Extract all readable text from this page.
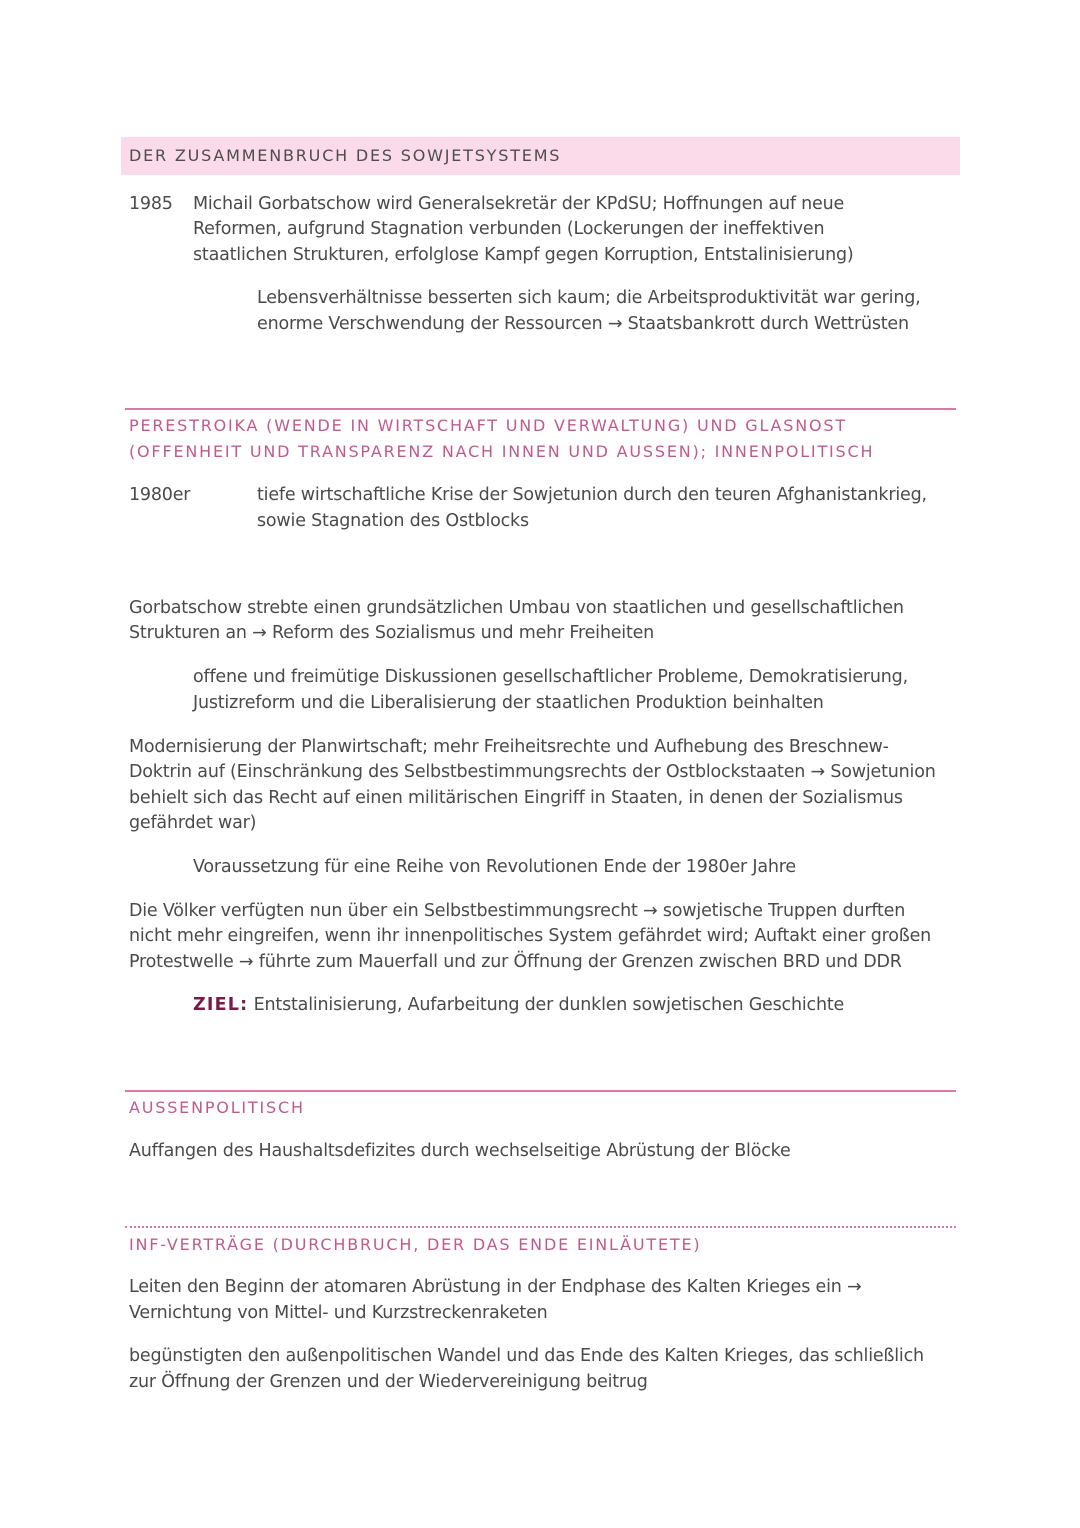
DER ZUSAMMENBRUCH DES SOWJETSYSTEMS
1985 Michail Gorbatschow wird Generalsekretär der KPdSU; Hoffnungen auf neue
Reformen, aufgrund Stagnation verbunden (Lockerungen der ineffektiven
staatlichen Strukturen, erfolglose Kampf gegen Korruption, Entstalinisierung)
Lebensverhältnisse besserten sich kaum; die Arbeitsproduktivität war gering,
enorme Verschwendung der Ressourcen → Staatsbankrott durch Wettrüsten
PERESTROIKA (WENDE IN WIRTSCHAFT UND VERWALTUNG) UND GLASNOST
(OFFENHEIT UND TRANSPARENZ NACH INNEN UND AUSSEN); INNENPOLITISCH
1980er	tiefe wirtschaftliche Krise der Sowjetunion durch den teuren Afghanistankrieg,
sowie Stagnation des Ostblocks
Gorbatschow strebte einen grundsätzlichen Umbau von staatlichen und gesellschaftlichen
Strukturen an → Reform des Sozialismus und mehr Freiheiten
offene und freimütige Diskussionen gesellschaftlicher Probleme, Demokratisierung,
Justizreform und die Liberalisierung der staatlichen Produktion beinhalten
Modernisierung der Planwirtschaft; mehr Freiheitsrechte und Aufhebung des Breschnew-
Doktrin auf (Einschränkung des Selbstbestimmungsrechts der Ostblockstaaten → Sowjetunion
behielt sich das Recht auf einen militärischen Eingriff in Staaten, in denen der Sozialismus
gefährdet war)
Voraussetzung für eine Reihe von Revolutionen Ende der 1980er Jahre
Die Völker verfügten nun über ein Selbstbestimmungsrecht → sowjetische Truppen durften
nicht mehr eingreifen, wenn ihr innenpolitisches System gefährdet wird; Auftakt einer großen
Protestwelle → führte zum Mauerfall und zur Öffnung der Grenzen zwischen BRD und DDR
ZIEL: Entstalinisierung, Aufarbeitung der dunklen sowjetischen Geschichte
AUSSENPOLITISCH
Auffangen des Haushaltsdefizites durch wechselseitige Abrüstung der Blöcke
INF-VERTRÄGE (DURCHBRUCH, DER DAS ENDE EINLÄUTETE)
Leiten den Beginn der atomaren Abrüstung in der Endphase des Kalten Krieges ein →
Vernichtung von Mittel- und Kurzstreckenraketen
begünstigten den außenpolitischen Wandel und das Ende des Kalten Krieges, das schließlich
zur Öffnung der Grenzen und der Wiedervereinigung beitrug
